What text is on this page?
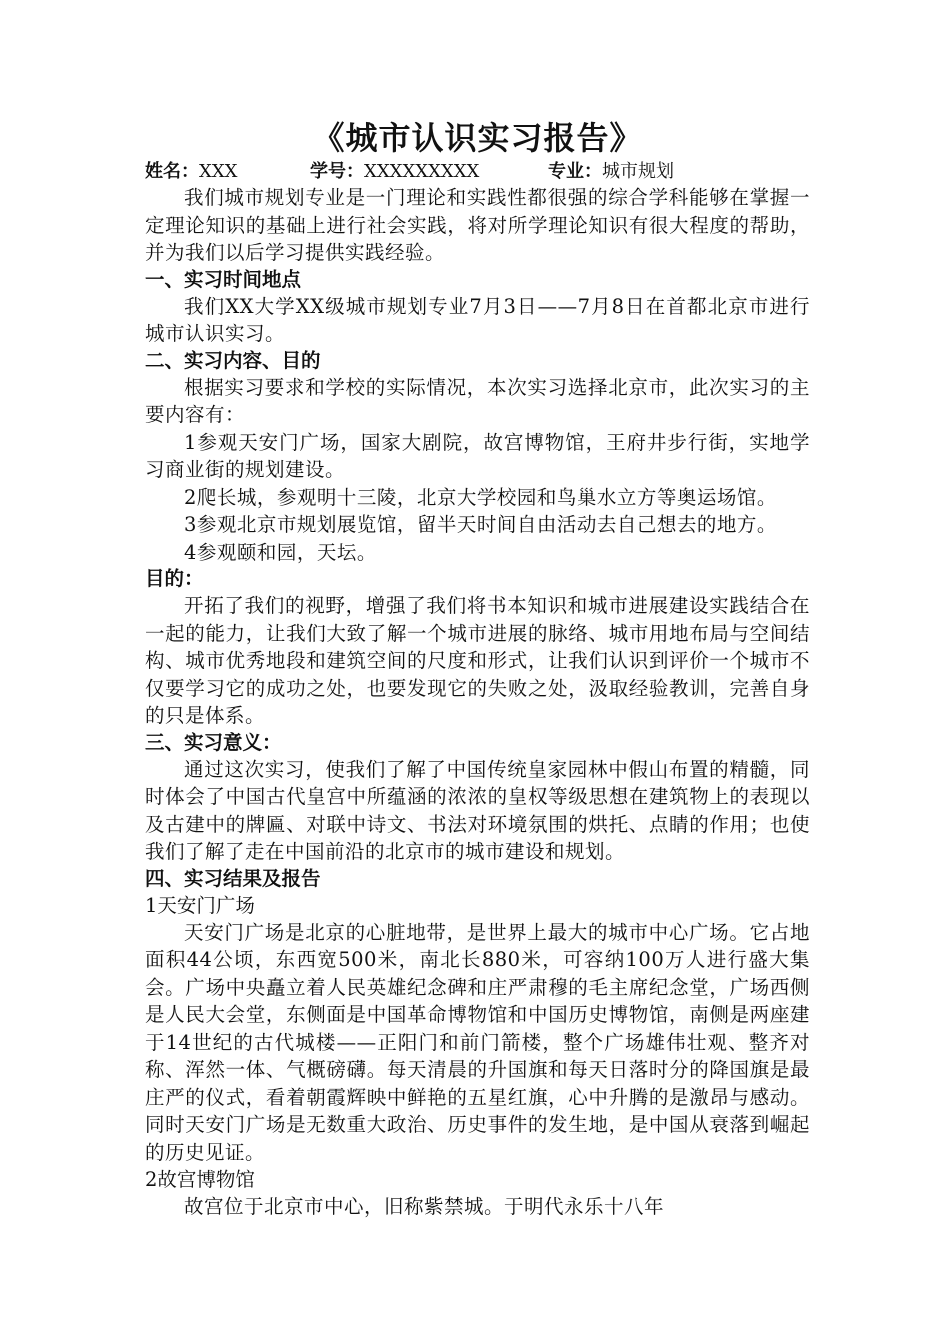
《城市认识实习报告》
姓名：XXX	学号：XXXXXXXXX	专业：城市规划

我们城市规划专业是一门理论和实践性都很强的综合学科能够在掌握一定理论知识的基础上进行社会实践，将对所学理论知识有很大程度的帮助，并为我们以后学习提供实践经验。

一、实习时间地点

我们XX大学XX级城市规划专业7月3日——7月8日在首都北京市进行城市认识实习。

二、实习内容、目的

根据实习要求和学校的实际情况，本次实习选择北京市，此次实习的主要内容有：

1参观天安门广场，国家大剧院，故宫博物馆，王府井步行街，实地学习商业街的规划建设。

2爬长城，参观明十三陵，北京大学校园和鸟巢水立方等奥运场馆。

3参观北京市规划展览馆，留半天时间自由活动去自己想去的地方。

4参观颐和园，天坛。

目的：

开拓了我们的视野，增强了我们将书本知识和城市进展建设实践结合在一起的能力，让我们大致了解一个城市进展的脉络、城市用地布局与空间结构、城市优秀地段和建筑空间的尺度和形式，让我们认识到评价一个城市不仅要学习它的成功之处，也要发现它的失败之处，汲取经验教训，完善自身的只是体系。

三、实习意义：

通过这次实习，使我们了解了中国传统皇家园林中假山布置的精髓，同时体会了中国古代皇宫中所蕴涵的浓浓的皇权等级思想在建筑物上的表现以及古建中的牌匾、对联中诗文、书法对环境氛围的烘托、点睛的作用；也使我们了解了走在中国前沿的北京市的城市建设和规划。

四、实习结果及报告

1天安门广场

天安门广场是北京的心脏地带，是世界上最大的城市中心广场。它占地面积44公顷，东西宽500米，南北长880米，可容纳100万人进行盛大集会。广场中央矗立着人民英雄纪念碑和庄严肃穆的毛主席纪念堂，广场西侧是人民大会堂，东侧面是中国革命博物馆和中国历史博物馆，南侧是两座建于14世纪的古代城楼——正阳门和前门箭楼，整个广场雄伟壮观、整齐对称、浑然一体、气概磅礴。每天清晨的升国旗和每天日落时分的降国旗是最庄严的仪式，看着朝霞辉映中鲜艳的五星红旗，心中升腾的是激昂与感动。同时天安门广场是无数重大政治、历史事件的发生地，是中国从衰落到崛起的历史见证。

2故宫博物馆

故宫位于北京市中心，旧称紫禁城。于明代永乐十八年
